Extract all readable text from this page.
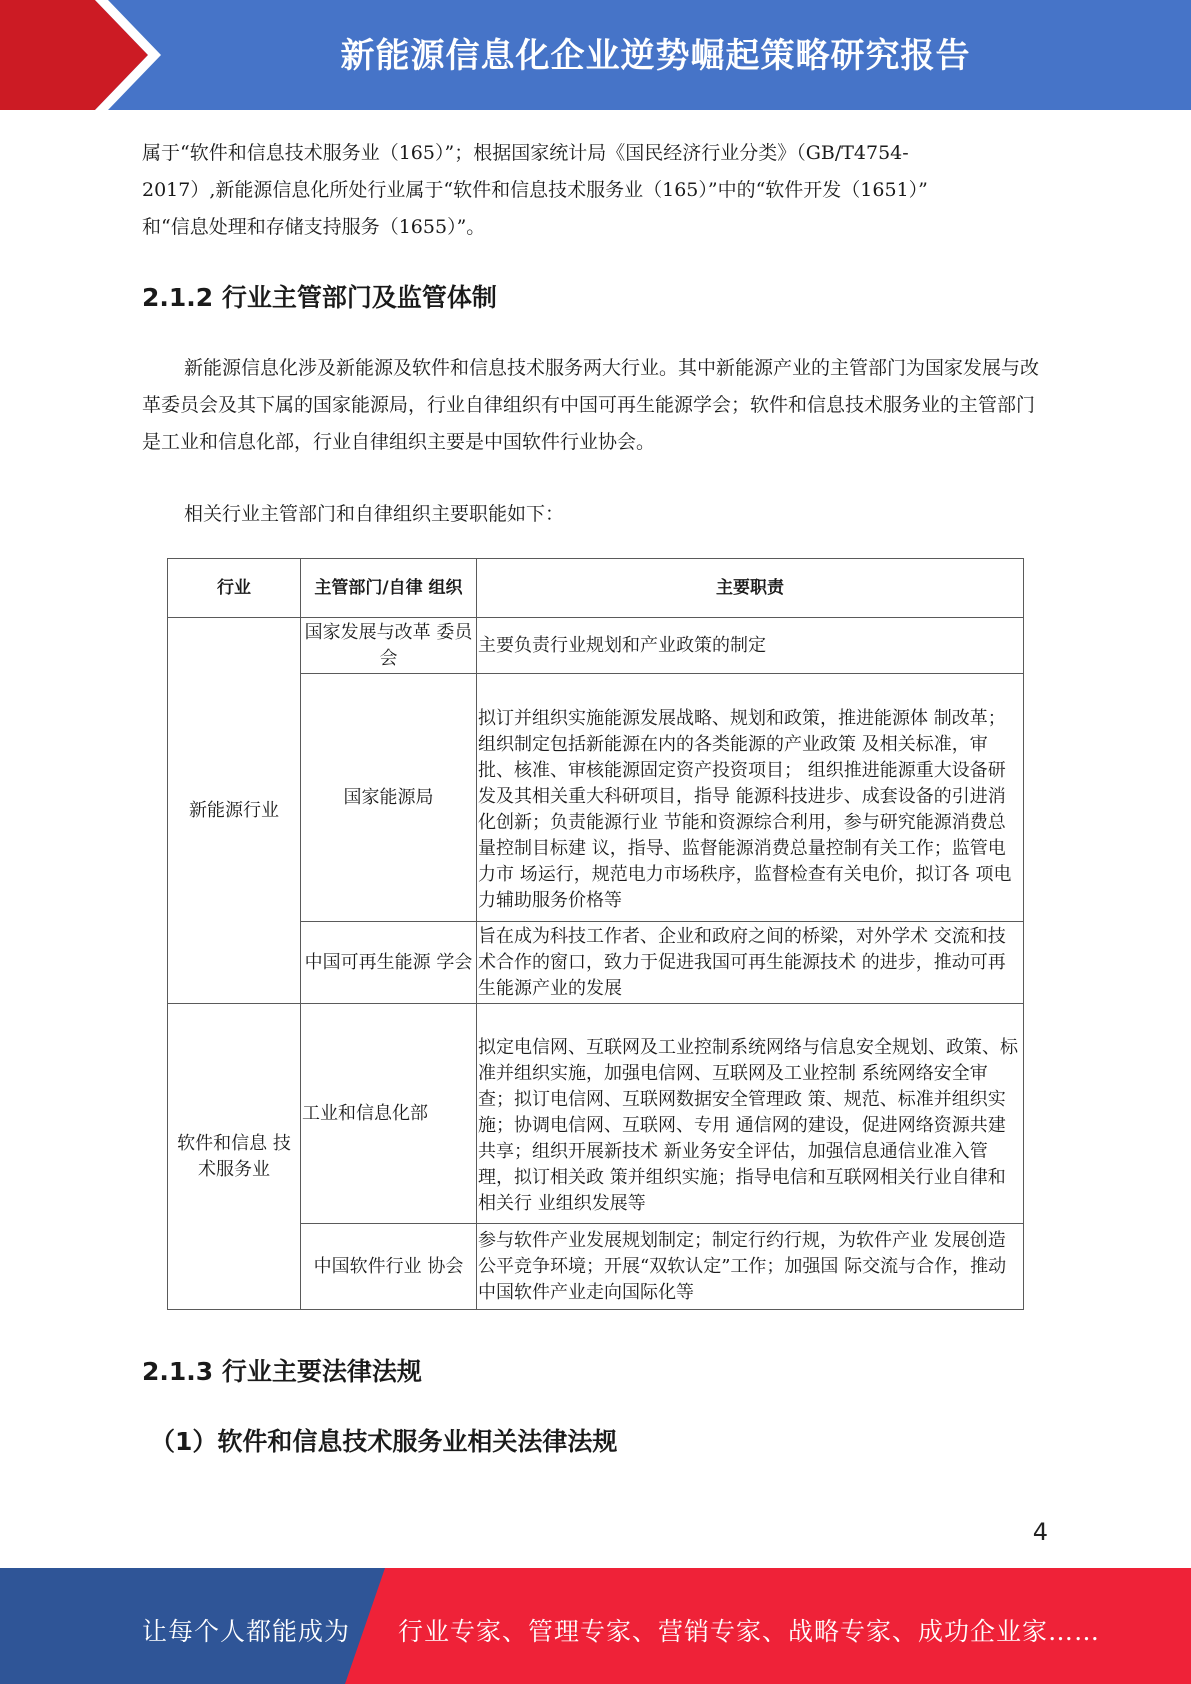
新能源信息化企业逆势崛起策略研究报告

属于“软件和信息技术服务业（165）”；根据国家统计局《国民经济行业分类》（GB/T4754-

2017）,新能源信息化所处行业属于“软件和信息技术服务业（165）”中的“软件开发（1651）”

和“信息处理和存储支持服务（1655）”。

2.1.2 行业主管部门及监管体制

新能源信息化涉及新能源及软件和信息技术服务两大行业。其中新能源产业的主管部门为国家发展与改革委员会及其下属的国家能源局，行业自律组织有中国可再生能源学会；软件和信息技术服务业的主管部门是工业和信息化部，行业自律组织主要是中国软件行业协会。

相关行业主管部门和自律组织主要职能如下：

行业	主管部门/自律 组织	主要职责
新能源行业	国家发展与改革 委员会	主要负责行业规划和产业政策的制定
	国家能源局	拟订并组织实施能源发展战略、规划和政策，推进能源体 制改革；组织制定包括新能源在内的各类能源的产业政策 及相关标准，审批、核准、审核能源固定资产投资项目； 组织推进能源重大设备研发及其相关重大科研项目，指导 能源科技进步、成套设备的引进消化创新；负责能源行业 节能和资源综合利用，参与研究能源消费总量控制目标建 议，指导、监督能源消费总量控制有关工作；监管电力市 场运行，规范电力市场秩序，监督检查有关电价，拟订各 项电力辅助服务价格等
	中国可再生能源 学会	旨在成为科技工作者、企业和政府之间的桥梁，对外学术 交流和技术合作的窗口，致力于促进我国可再生能源技术 的进步，推动可再生能源产业的发展
软件和信息 技术服务业	工业和信息化部	拟定电信网、互联网及工业控制系统网络与信息安全规划、政策、标准并组织实施，加强电信网、互联网及工业控制 系统网络安全审查；拟订电信网、互联网数据安全管理政 策、规范、标准并组织实施；协调电信网、互联网、专用 通信网的建设，促进网络资源共建共享；组织开展新技术 新业务安全评估，加强信息通信业准入管理，拟订相关政 策并组织实施；指导电信和互联网相关行业自律和相关行 业组织发展等
	中国软件行业 协会	参与软件产业发展规划制定；制定行约行规，为软件产业 发展创造公平竞争环境；开展“双软认定”工作；加强国 际交流与合作，推动中国软件产业走向国际化等
2.1.3 行业主要法律法规
（1）软件和信息技术服务业相关法律法规
4
让每个人都能成为 行业专家、管理专家、营销专家、战略专家、成功企业家……
